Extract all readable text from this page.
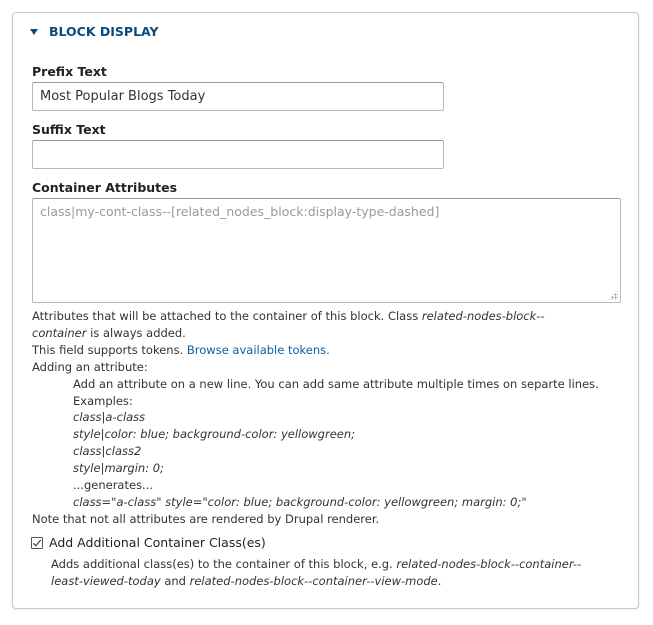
BLOCK DISPLAY
Prefix Text
Most Popular Blogs Today
Suffix Text
Container Attributes
class|my-cont-class--[related_nodes_block:display-type-dashed]
Attributes that will be attached to the container of this block. Class related-nodes-block--
container is always added.
This field supports tokens. Browse available tokens.
Adding an attribute:
Add an attribute on a new line. You can add same attribute multiple times on separte lines.
Examples:
class|a-class
style|color: blue; background-color: yellowgreen;
class|class2
style|margin: 0;
...generates...
class="a-class" style="color: blue; background-color: yellowgreen; margin: 0;"
Note that not all attributes are rendered by Drupal renderer.
Add Additional Container Class(es)
Adds additional class(es) to the container of this block, e.g. related-nodes-block--container--
least-viewed-today and related-nodes-block--container--view-mode.
